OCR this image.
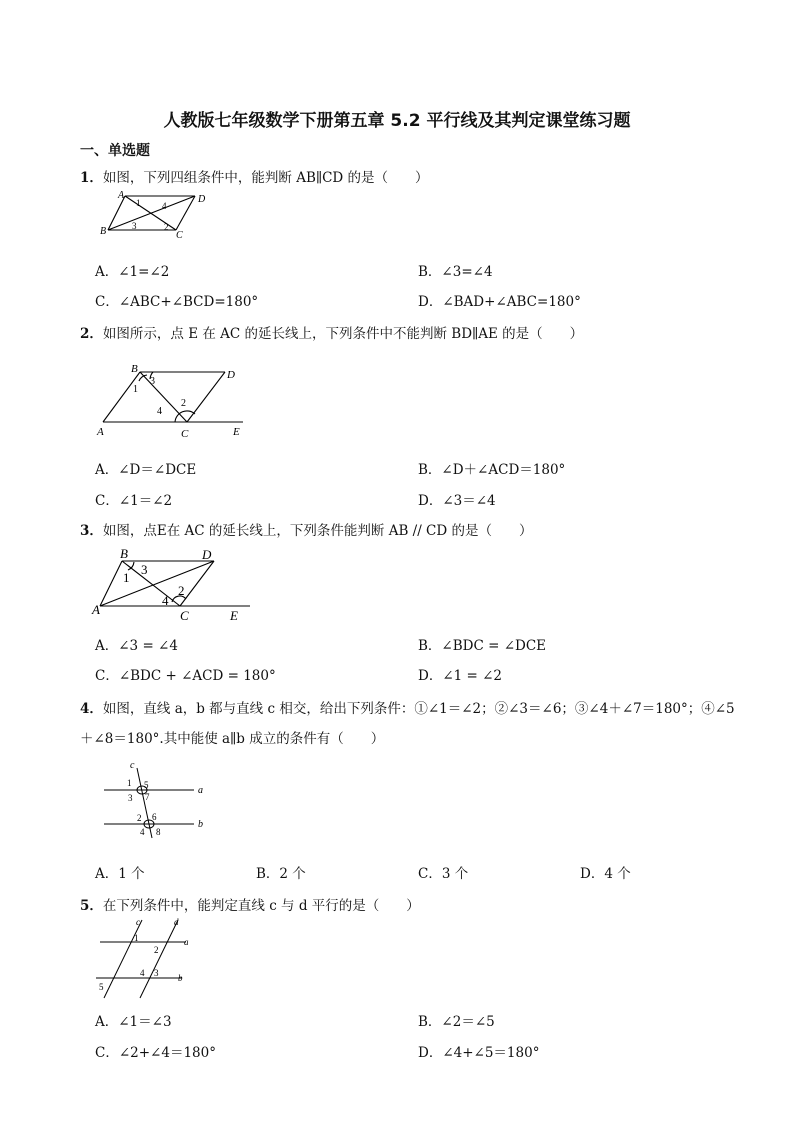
人教版七年级数学下册第五章 5.2 平行线及其判定课堂练习题
一、单选题
1．如图，下列四组条件中，能判断 AB∥CD 的是（　　）
A	D
B	C
1
2
3
4
A．∠1=∠2	B．∠3=∠4
C．∠ABC+∠BCD=180°	D．∠BAD+∠ABC=180°
2．如图所示，点 E 在 AC 的延长线上，下列条件中不能判断 BD∥AE 的是（　　）
B	D
A	C	E
1
2
3
4
A．∠D＝∠DCE	B．∠D＋∠ACD＝180°
C．∠1＝∠2	D．∠3＝∠4
3．如图，点E在 AC 的延长线上，下列条件能判断 AB // CD 的是（　　）
B	D
A	C	E
1
2
3
4
A．∠3 = ∠4	B．∠BDC = ∠DCE
C．∠BDC + ∠ACD = 180°	D．∠1 = ∠2
4．如图，直线 a，b 都与直线 c 相交，给出下列条件：①∠1＝∠2；②∠3＝∠6；③∠4＋∠7＝180°；④∠5
＋∠8＝180°.其中能使 a∥b 成立的条件有（　　）
c
a
b
1
2
3
4
5
6
7
8
A．1 个	B．2 个	C．3 个	D．4 个
5．在下列条件中，能判定直线 c 与 d 平行的是（　　）
c	d
a
b
1
2
3
4
5
A．∠1＝∠3	B．∠2＝∠5
C．∠2+∠4＝180°	D．∠4+∠5＝180°
